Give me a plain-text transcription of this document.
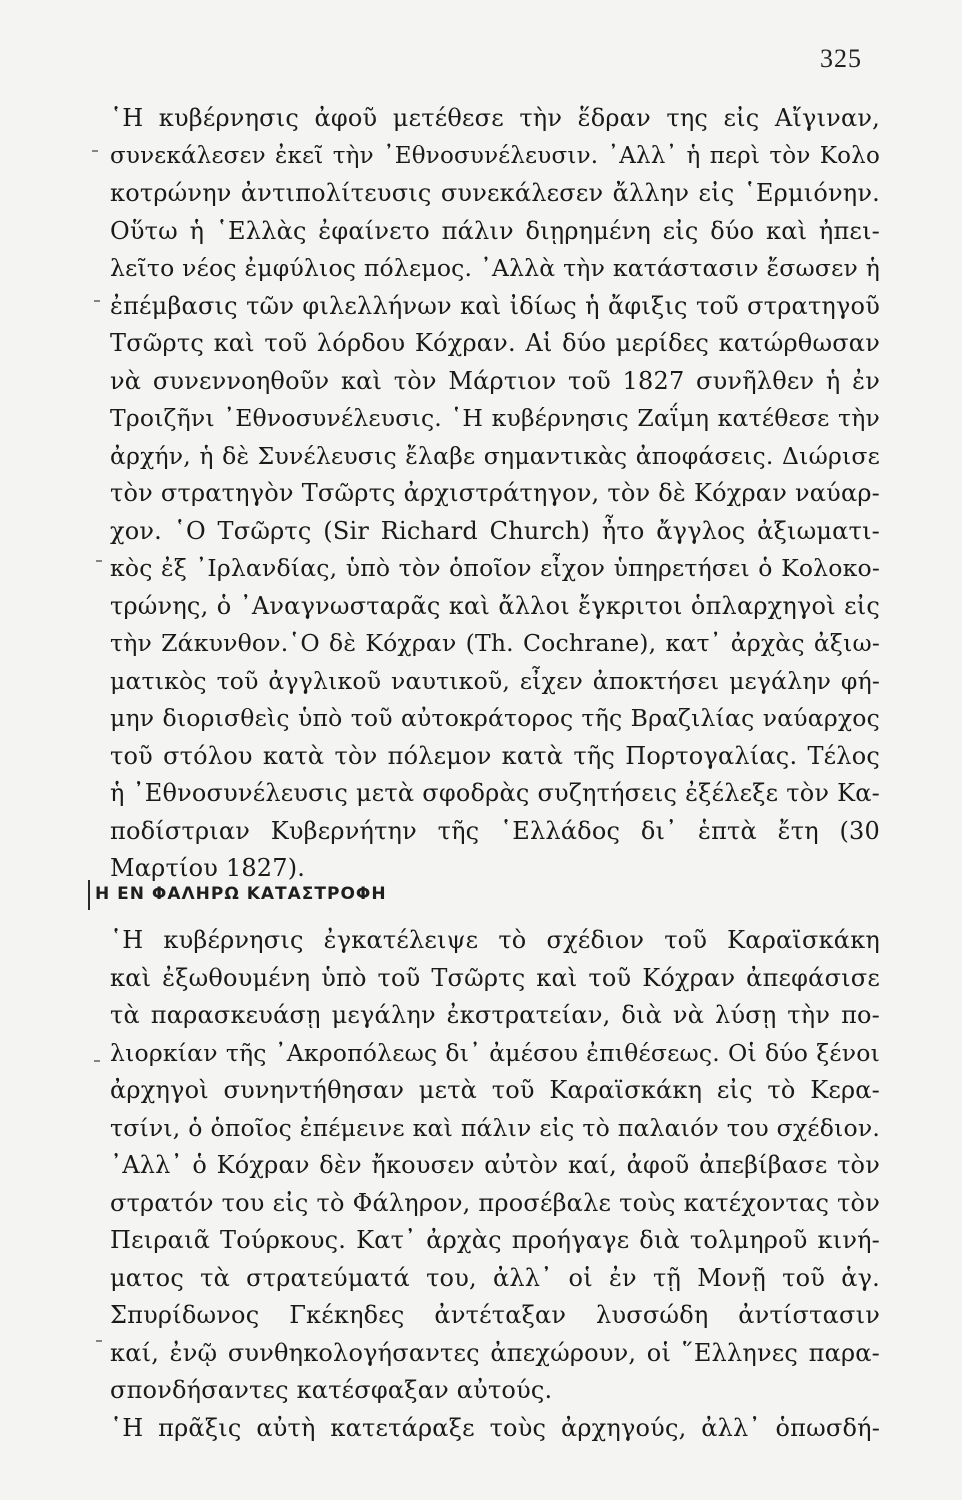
325
῾Η κυβέρνησις ἀφοῦ μετέθεσε τὴν ἕδραν της εἰς Αἴγιναν,
συνεκάλεσεν ἐκεῖ τὴν ᾿Εθνοσυνέλευσιν. ᾿Αλλ᾿ ἡ περὶ τὸν Κολο
κοτρώνην ἀντιπολίτευσις συνεκάλεσεν ἄλλην εἰς ῾Ερμιόνην.
Οὕτω ἡ ῾Ελλὰς ἐφαίνετο πάλιν διῃρημένη εἰς δύο καὶ ἠπει-
λεῖτο νέος ἐμφύλιος πόλεμος. ᾿Αλλὰ τὴν κατάστασιν ἔσωσεν ἡ
ἐπέμβασις τῶν φιλελλήνων καὶ ἰδίως ἡ ἄφιξις τοῦ στρατηγοῦ
Τσῶρτς καὶ τοῦ λόρδου Κόχραν. Αἱ δύο μερίδες κατώρθωσαν
νὰ συνεννοηθοῦν καὶ τὸν Μάρτιον τοῦ 1827 συνῆλθεν ἡ ἐν
Τροιζῆνι ᾿Εθνοσυνέλευσις. ῾Η κυβέρνησις Ζαΐμη κατέθεσε τὴν
ἀρχήν, ἡ δὲ Συνέλευσις ἔλαβε σημαντικὰς ἀποφάσεις. Διώρισε
τὸν στρατηγὸν Τσῶρτς ἀρχιστράτηγον, τὸν δὲ Κόχραν ναύαρ-
χον. ῾Ο Τσῶρτς (Sir Richard Church) ἦτο ἄγγλος ἀξιωματι-
κὸς ἐξ ᾿Ιρλανδίας, ὑπὸ τὸν ὁποῖον εἶχον ὑπηρετήσει ὁ Κολοκο-
τρώνης, ὁ ᾿Αναγνωσταρᾶς καὶ ἄλλοι ἔγκριτοι ὁπλαρχηγοὶ εἰς
τὴν Ζάκυνθον.῾Ο δὲ Κόχραν (Th. Cochrane), κατ᾿ ἀρχὰς ἀξιω-
ματικὸς τοῦ ἀγγλικοῦ ναυτικοῦ, εἶχεν ἀποκτήσει μεγάλην φή-
μην διορισθεὶς ὑπὸ τοῦ αὐτοκράτορος τῆς Βραζιλίας ναύαρχος
τοῦ στόλου κατὰ τὸν πόλεμον κατὰ τῆς Πορτογαλίας. Τέλος
ἡ ᾿Εθνοσυνέλευσις μετὰ σφοδρὰς συζητήσεις ἐξέλεξε τὸν Κα-
ποδίστριαν Κυβερνήτην τῆς ῾Ελλάδος δι᾿ ἑπτὰ ἔτη (30
Μαρτίου 1827).
Η ΕΝ ΦΑΛΗΡΩ ΚΑΤΑΣΤΡΟΦΗ
῾Η κυβέρνησις ἐγκατέλειψε τὸ σχέδιον τοῦ Καραϊσκάκη
καὶ ἐξωθουμένη ὑπὸ τοῦ Τσῶρτς καὶ τοῦ Κόχραν ἀπεφάσισε
τὰ παρασκευάσῃ μεγάλην ἐκστρατείαν, διὰ νὰ λύσῃ τὴν πο-
λιορκίαν τῆς ᾿Ακροπόλεως δι᾿ ἀμέσου ἐπιθέσεως. Οἱ δύο ξένοι
ἀρχηγοὶ συνηντήθησαν μετὰ τοῦ Καραϊσκάκη εἰς τὸ Κερα-
τσίνι, ὁ ὁποῖος ἐπέμεινε καὶ πάλιν εἰς τὸ παλαιόν του σχέδιον.
᾿Αλλ᾿ ὁ Κόχραν δὲν ἤκουσεν αὐτὸν καί, ἀφοῦ ἀπεβίβασε τὸν
στρατόν του εἰς τὸ Φάληρον, προσέβαλε τοὺς κατέχοντας τὸν
Πειραιᾶ Τούρκους. Κατ᾿ ἀρχὰς προήγαγε διὰ τολμηροῦ κινή-
ματος τὰ στρατεύματά του, ἀλλ᾿ οἱ ἐν τῇ Μονῇ τοῦ ἁγ.
Σπυρίδωνος Γκέκηδες ἀντέταξαν λυσσώδη ἀντίστασιν
καί, ἐνῷ συνθηκολογήσαντες ἀπεχώρουν, οἱ ῞Ελληνες παρα-
σπονδήσαντες κατέσφαξαν αὐτούς.
῾Η πρᾶξις αὐτὴ κατετάραξε τοὺς ἀρχηγούς, ἀλλ᾿ ὁπωσδή-
